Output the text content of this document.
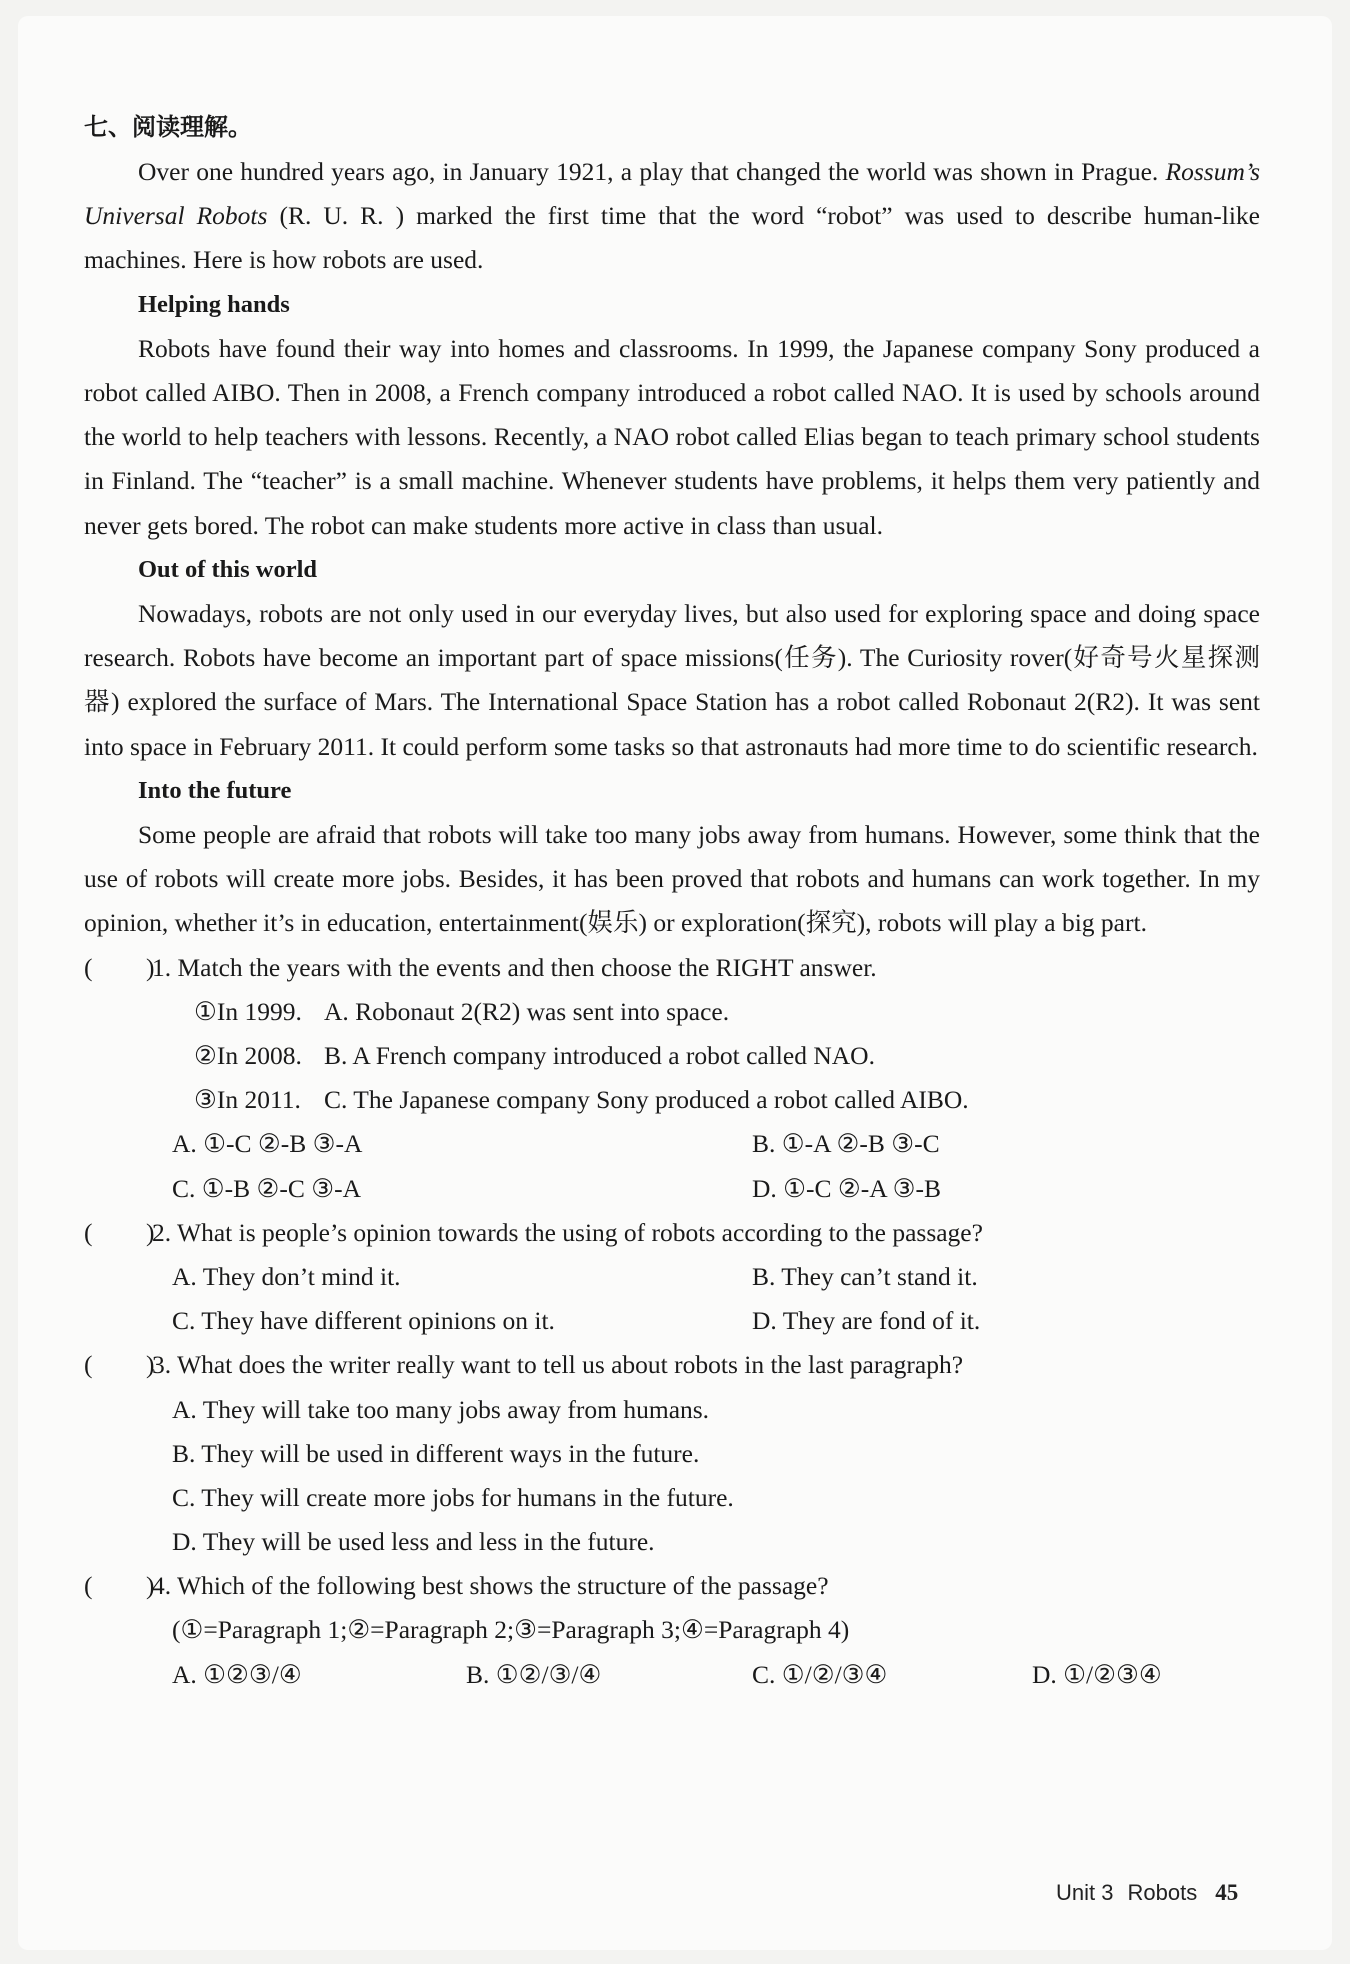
七、阅读理解。

Over one hundred years ago, in January 1921, a play that changed the world was shown in Prague. Rossum’s Universal Robots (R. U. R. ) marked the first time that the word “robot” was used to describe human-like machines. Here is how robots are used.

Helping hands

Robots have found their way into homes and classrooms. In 1999, the Japanese company Sony produced a robot called AIBO. Then in 2008, a French company introduced a robot called NAO. It is used by schools around the world to help teachers with lessons. Recently, a NAO robot called Elias began to teach primary school students in Finland. The “teacher” is a small machine. Whenever students have problems, it helps them very patiently and never gets bored. The robot can make students more active in class than usual.

Out of this world

Nowadays, robots are not only used in our everyday lives, but also used for exploring space and doing space research. Robots have become an important part of space missions(任务). The Curiosity rover(好奇号火星探测器) explored the surface of Mars. The International Space Station has a robot called Robonaut 2(R2). It was sent into space in February 2011. It could perform some tasks so that astronauts had more time to do scientific research.

Into the future

Some people are afraid that robots will take too many jobs away from humans. However, some think that the use of robots will create more jobs. Besides, it has been proved that robots and humans can work together. In my opinion, whether it’s in education, entertainment(娱乐) or exploration(探究), robots will play a big part.

( )
1. Match the years with the events and then choose the RIGHT answer.
①In 1999. A. Robonaut 2(R2) was sent into space.
②In 2008. B. A French company introduced a robot called NAO.
③In 2011. C. The Japanese company Sony produced a robot called AIBO.
A. ①-C ②-B ③-A	B. ①-A ②-B ③-C
C. ①-B ②-C ③-A	D. ①-C ②-A ③-B
( )
2. What is people’s opinion towards the using of robots according to the passage?
A. They don’t mind it.	B. They can’t stand it.
C. They have different opinions on it.	D. They are fond of it.
( )
3. What does the writer really want to tell us about robots in the last paragraph?
A. They will take too many jobs away from humans.
B. They will be used in different ways in the future.
C. They will create more jobs for humans in the future.
D. They will be used less and less in the future.
( )
4. Which of the following best shows the structure of the passage?
(①=Paragraph 1;②=Paragraph 2;③=Paragraph 3;④=Paragraph 4)
A. ①②③/④	B. ①②/③/④	C. ①/②/③④	D. ①/②③④
Unit 3 Robots 45
